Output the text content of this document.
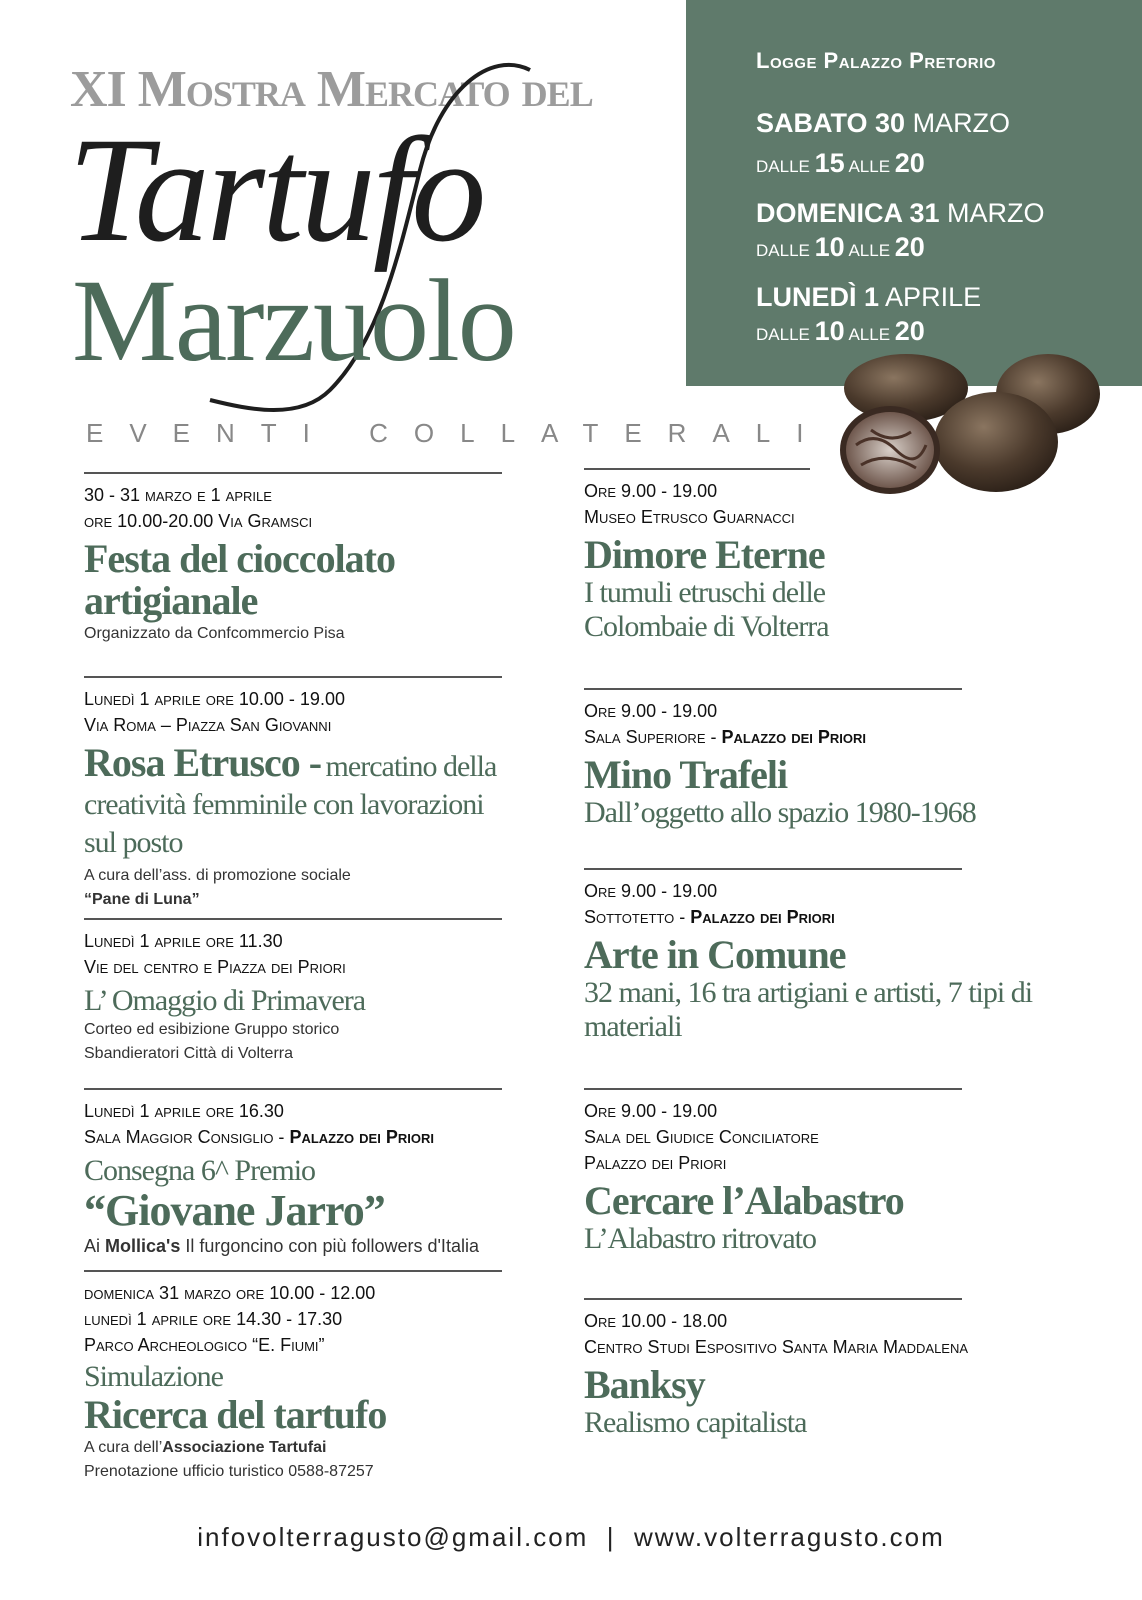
XI Mostra Mercato del
Tartufo
Marzuolo
EVENTI COLLATERALI
Logge Palazzo Pretorio
SABATO 30 MARZO
DALLE 15 ALLE 20
DOMENICA 31 MARZO
DALLE 10 ALLE 20
LUNEDÌ 1 APRILE
DALLE 10 ALLE 20
30 - 31 marzo e 1 aprile
ore 10.00-20.00 Via Gramsci
Festa del cioccolato artigianale
Organizzato da Confcommercio Pisa
Lunedì 1 aprile ore 10.00 - 19.00
Via Roma – Piazza San Giovanni
Rosa Etrusco - mercatino della creatività femminile con lavorazioni sul posto
A cura dell’ass. di promozione sociale
“Pane di Luna”
Lunedì 1 aprile ore 11.30
Vie del centro e Piazza dei Priori
L’ Omaggio di Primavera
Corteo ed esibizione Gruppo storico
Sbandieratori Città di Volterra
Lunedì 1 aprile ore 16.30
Sala Maggior Consiglio - Palazzo dei Priori
Consegna 6^ Premio
“Giovane Jarro”
Ai Mollica's Il furgoncino con più followers d'Italia
domenica 31 marzo ore 10.00 - 12.00
lunedì 1 aprile ore 14.30 - 17.30
Parco Archeologico “E. Fiumi”
Simulazione
Ricerca del tartufo
A cura dell’Associazione Tartufai
Prenotazione ufficio turistico 0588-87257
Ore 9.00 - 19.00
Museo Etrusco Guarnacci
Dimore Eterne
I tumuli etruschi delle Colombaie di Volterra
Ore 9.00 - 19.00
Sala Superiore - Palazzo dei Priori
Mino Trafeli
Dall’oggetto allo spazio 1980-1968
Ore 9.00 - 19.00
Sottotetto - Palazzo dei Priori
Arte in Comune
32 mani, 16 tra artigiani e artisti, 7 tipi di materiali
Ore 9.00 - 19.00
Sala del Giudice Conciliatore
Palazzo dei Priori
Cercare l’Alabastro
L’Alabastro ritrovato
Ore 10.00 - 18.00
Centro Studi Espositivo Santa Maria Maddalena
Banksy
Realismo capitalista
infovolterragusto@gmail.com | www.volterragusto.com
